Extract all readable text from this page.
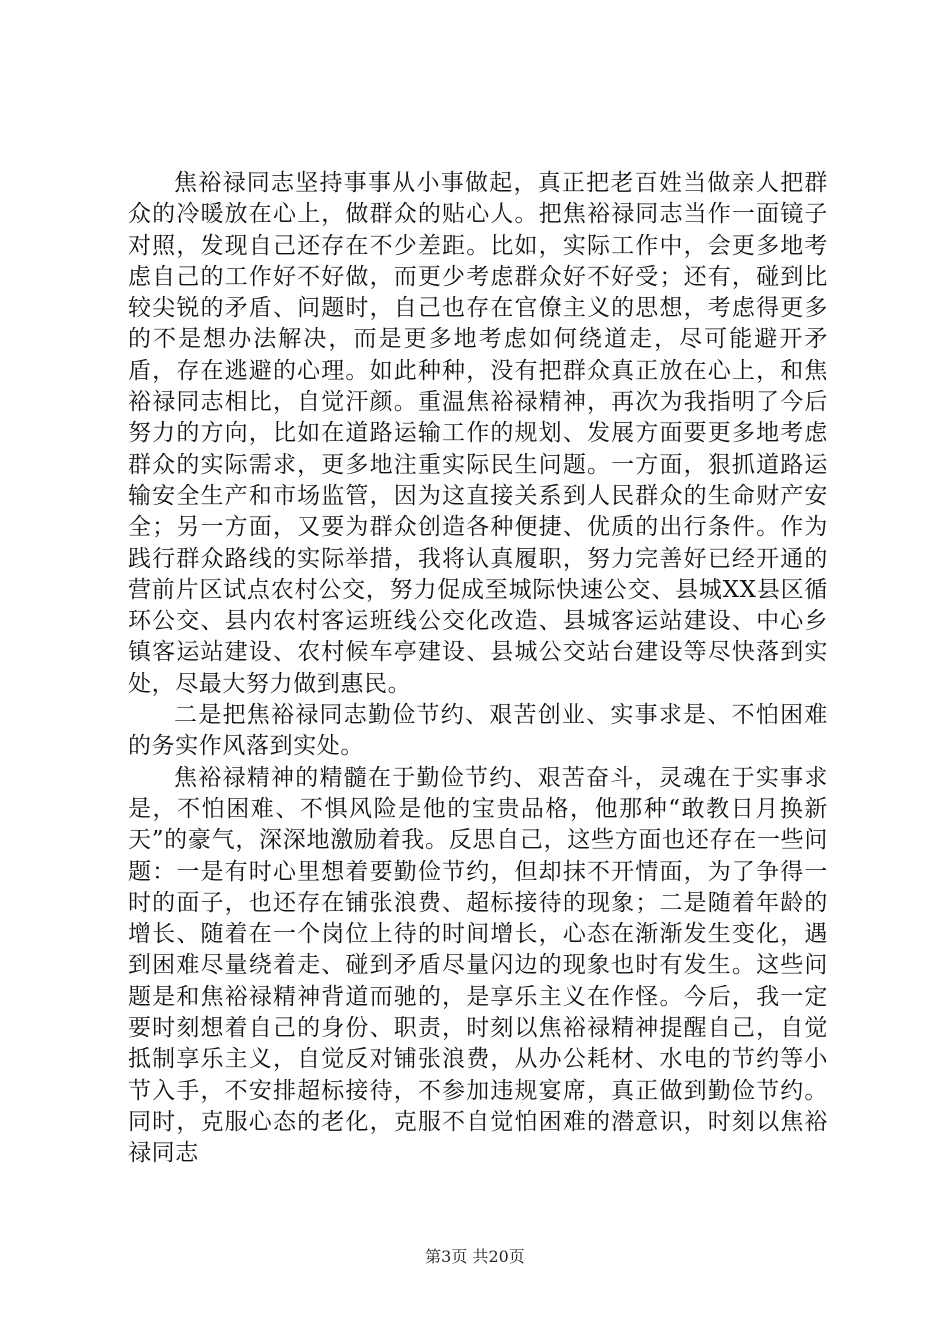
焦裕禄同志坚持事事从小事做起，真正把老百姓当做亲人把群众的冷暖放在心上，做群众的贴心人。把焦裕禄同志当作一面镜子对照，发现自己还存在不少差距。比如，实际工作中，会更多地考虑自己的工作好不好做，而更少考虑群众好不好受；还有，碰到比较尖锐的矛盾、问题时，自己也存在官僚主义的思想，考虑得更多的不是想办法解决，而是更多地考虑如何绕道走，尽可能避开矛盾，存在逃避的心理。如此种种，没有把群众真正放在心上，和焦裕禄同志相比，自觉汗颜。重温焦裕禄精神，再次为我指明了今后努力的方向，比如在道路运输工作的规划、发展方面要更多地考虑群众的实际需求，更多地注重实际民生问题。一方面，狠抓道路运输安全生产和市场监管，因为这直接关系到人民群众的生命财产安全；另一方面，又要为群众创造各种便捷、优质的出行条件。作为践行群众路线的实际举措，我将认真履职，努力完善好已经开通的营前片区试点农村公交，努力促成至城际快速公交、县城XX县区循环公交、县内农村客运班线公交化改造、县城客运站建设、中心乡镇客运站建设、农村候车亭建设、县城公交站台建设等尽快落到实处，尽最大努力做到惠民。

二是把焦裕禄同志勤俭节约、艰苦创业、实事求是、不怕困难的务实作风落到实处。

焦裕禄精神的精髓在于勤俭节约、艰苦奋斗，灵魂在于实事求是，不怕困难、不惧风险是他的宝贵品格，他那种“敢教日月换新天”的豪气，深深地激励着我。反思自己，这些方面也还存在一些问题：一是有时心里想着要勤俭节约，但却抹不开情面，为了争得一时的面子，也还存在铺张浪费、超标接待的现象；二是随着年龄的增长、随着在一个岗位上待的时间增长，心态在渐渐发生变化，遇到困难尽量绕着走、碰到矛盾尽量闪边的现象也时有发生。这些问题是和焦裕禄精神背道而驰的，是享乐主义在作怪。今后，我一定要时刻想着自己的身份、职责，时刻以焦裕禄精神提醒自己，自觉抵制享乐主义，自觉反对铺张浪费，从办公耗材、水电的节约等小节入手，不安排超标接待，不参加违规宴席，真正做到勤俭节约。同时，克服心态的老化，克服不自觉怕困难的潜意识，时刻以焦裕禄同志

第3页 共20页
